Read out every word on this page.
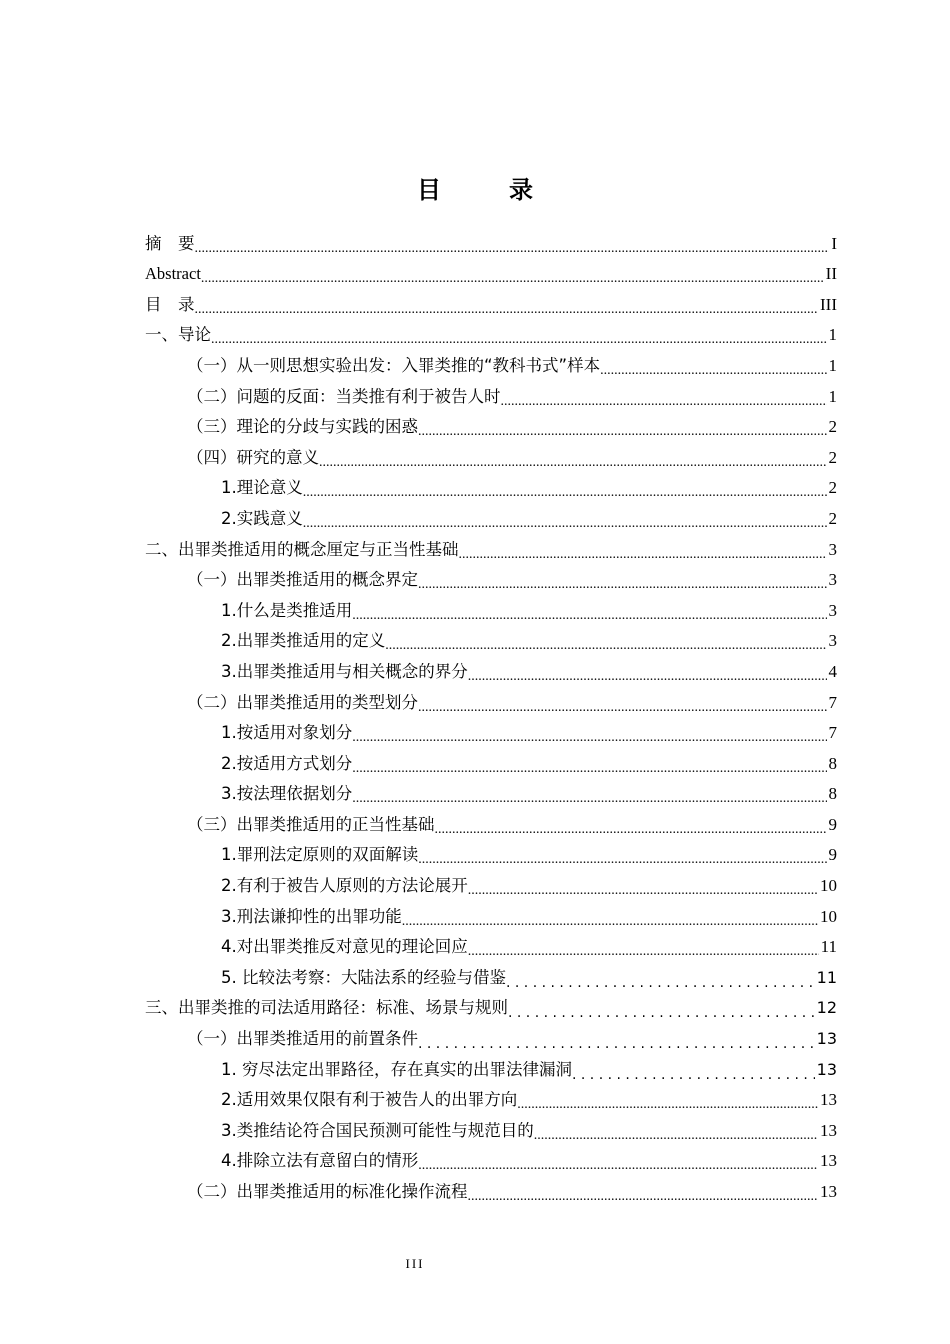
目　录
摘　要 .....	I
Abstract .....	II
目　录 .....	III
一、导论 .....	1
（一）从一则思想实验出发：入罪类推的“教科书式”样本 .....	1
（二）问题的反面：当类推有利于被告人时 .....	1
（三）理论的分歧与实践的困惑 .....	2
（四）研究的意义 .....	2
1.理论意义 .....	2
2.实践意义 .....	2
二、出罪类推适用的概念厘定与正当性基础 .....	3
（一）出罪类推适用的概念界定 .....	3
1.什么是类推适用 .....	3
2.出罪类推适用的定义 .....	3
3.出罪类推适用与相关概念的界分 .....	4
（二）出罪类推适用的类型划分 .....	7
1.按适用对象划分 .....	7
2.按适用方式划分 .....	8
3.按法理依据划分 .....	8
（三）出罪类推适用的正当性基础 .....	9
1.罪刑法定原则的双面解读 .....	9
2.有利于被告人原则的方法论展开 .....	10
3.刑法谦抑性的出罪功能 .....	10
4.对出罪类推反对意见的理论回应 .....	11
5. 比较法考察：大陆法系的经验与借鉴 . . .	11
三、出罪类推的司法适用路径：标准、场景与规则 . . .	12
（一）出罪类推适用的前置条件 . . .	13
1. 穷尽法定出罪路径，存在真实的出罪法律漏洞 . . .	13
2.适用效果仅限有利于被告人的出罪方向 .....	13
3.类推结论符合国民预测可能性与规范目的 .....	13
4.排除立法有意留白的情形 .....	13
（二）出罪类推适用的标准化操作流程 .....	13
III
